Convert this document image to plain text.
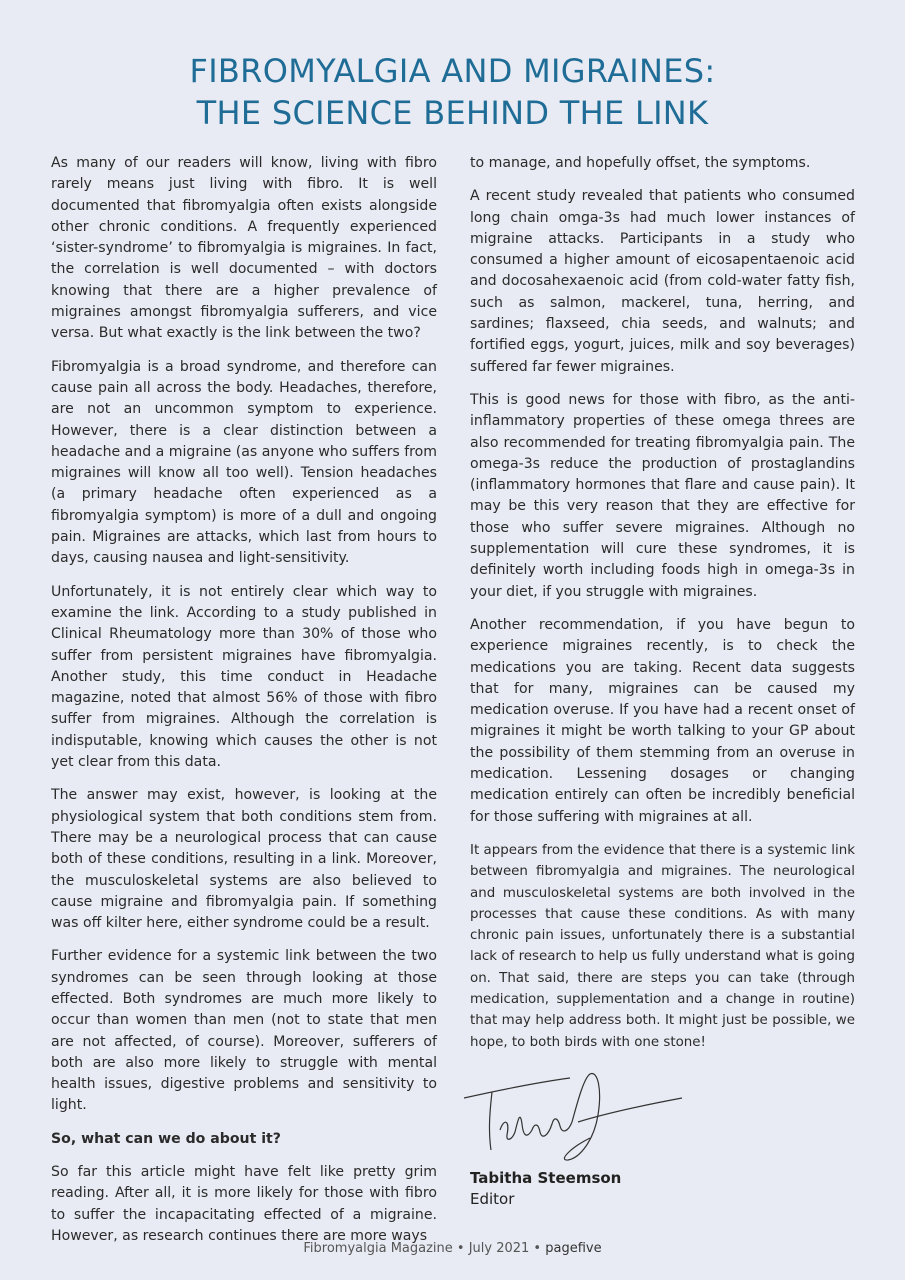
FIBROMYALGIA AND MIGRAINES:
THE SCIENCE BEHIND THE LINK

As many of our readers will know, living with fibro rarely means just living with fibro. It is well documented that fibromyalgia often exists alongside other chronic conditions. A frequently experienced ‘sister-syndrome’ to fibromyalgia is migraines. In fact, the correlation is well documented – with doctors knowing that there are a higher prevalence of migraines amongst fibromyalgia sufferers, and vice versa. But what exactly is the link between the two?

Fibromyalgia is a broad syndrome, and therefore can cause pain all across the body. Headaches, therefore, are not an uncommon symptom to experience. However, there is a clear distinction between a headache and a migraine (as anyone who suffers from migraines will know all too well). Tension headaches (a primary headache often experienced as a fibromyalgia symptom) is more of a dull and ongoing pain. Migraines are attacks, which last from hours to days, causing nausea and light-sensitivity.

Unfortunately, it is not entirely clear which way to examine the link. According to a study published in Clinical Rheumatology more than 30% of those who suffer from persistent migraines have fibromyalgia. Another study, this time conduct in Headache magazine, noted that almost 56% of those with fibro suffer from migraines. Although the correlation is indisputable, knowing which causes the other is not yet clear from this data.

The answer may exist, however, is looking at the physiological system that both conditions stem from. There may be a neurological process that can cause both of these conditions, resulting in a link. Moreover, the musculoskeletal systems are also believed to cause migraine and fibromyalgia pain. If something was off kilter here, either syndrome could be a result.

Further evidence for a systemic link between the two syndromes can be seen through looking at those effected. Both syndromes are much more likely to occur than women than men (not to state that men are not affected, of course). Moreover, sufferers of both are also more likely to struggle with mental health issues, digestive problems and sensitivity to light.

So, what can we do about it?

So far this article might have felt like pretty grim reading. After all, it is more likely for those with fibro to suffer the incapacitating effected of a migraine. However, as research continues there are more ways

to manage, and hopefully offset, the symptoms.

A recent study revealed that patients who consumed long chain omga-3s had much lower instances of migraine attacks. Participants in a study who consumed a higher amount of eicosapentaenoic acid and docosahexaenoic acid (from cold-water fatty fish, such as salmon, mackerel, tuna, herring, and sardines; flaxseed, chia seeds, and walnuts; and fortified eggs, yogurt, juices, milk and soy beverages) suffered far fewer migraines.

This is good news for those with fibro, as the anti-inflammatory properties of these omega threes are also recommended for treating fibromyalgia pain. The omega-3s reduce the production of prostaglandins (inflammatory hormones that flare and cause pain). It may be this very reason that they are effective for those who suffer severe migraines. Although no supplementation will cure these syndromes, it is definitely worth including foods high in omega-3s in your diet, if you struggle with migraines.

Another recommendation, if you have begun to experience migraines recently, is to check the medications you are taking. Recent data suggests that for many, migraines can be caused my medication overuse. If you have had a recent onset of migraines it might be worth talking to your GP about the possibility of them stemming from an overuse in medication. Lessening dosages or changing medication entirely can often be incredibly beneficial for those suffering with migraines at all.

It appears from the evidence that there is a systemic link between fibromyalgia and migraines. The neurological and musculoskeletal systems are both involved in the processes that cause these conditions. As with many chronic pain issues, unfortunately there is a substantial lack of research to help us fully understand what is going on. That said, there are steps you can take (through medication, supplementation and a change in routine) that may help address both. It might just be possible, we hope, to both birds with one stone!

Tabitha Steemson
Editor
Fibromyalgia Magazine • July 2021 • pagefive
